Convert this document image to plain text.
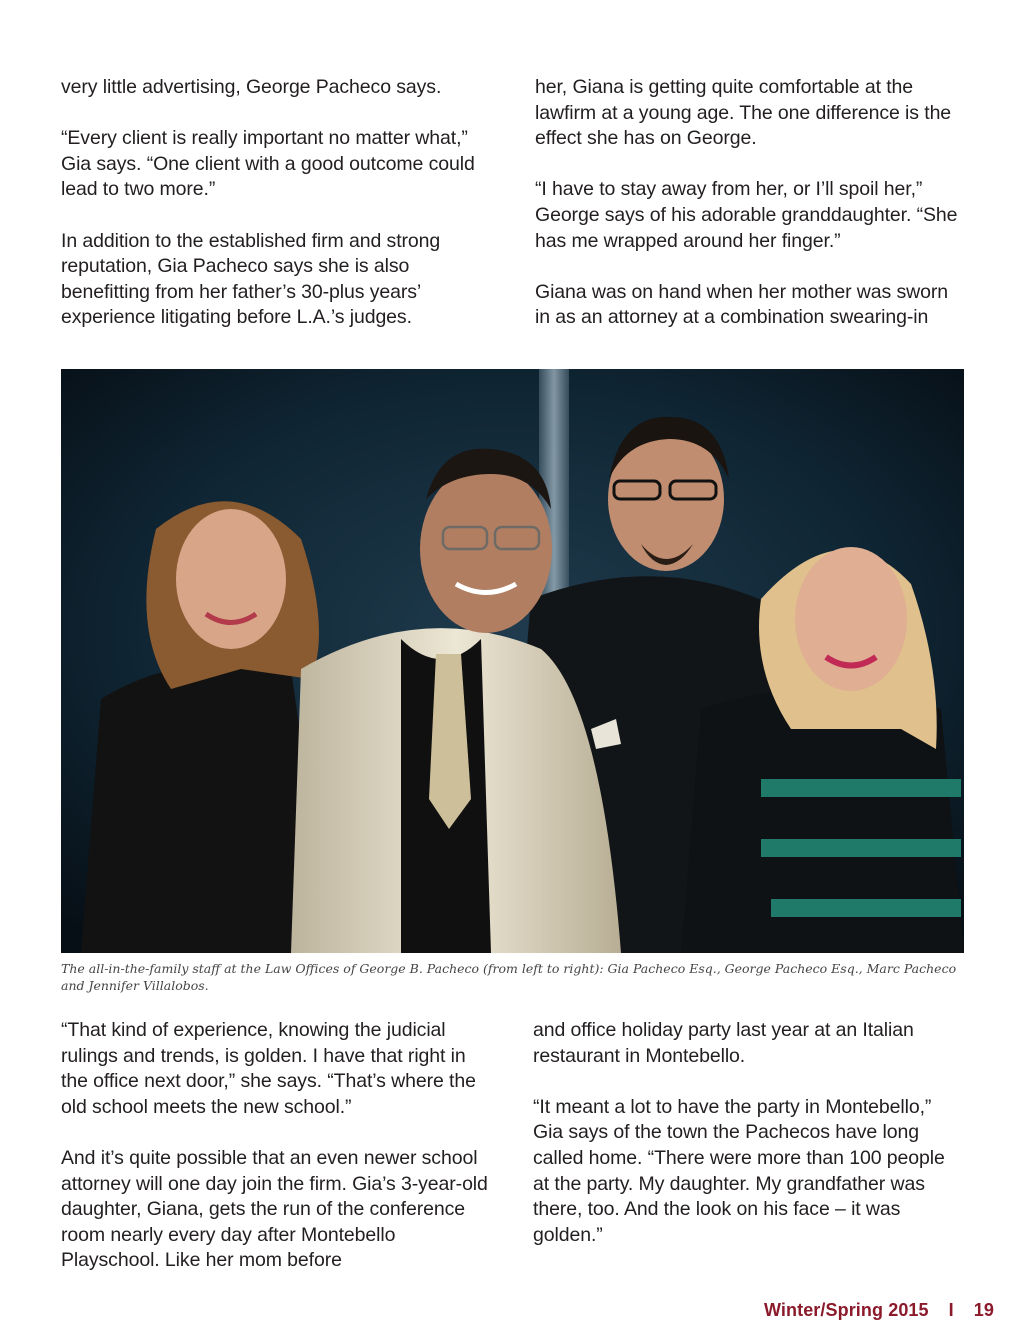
very little advertising, George Pacheco says.

“Every client is really important no matter what,” Gia says. “One client with a good outcome could lead to two more.”

In addition to the established firm and strong reputation, Gia Pacheco says she is also benefitting from her father’s 30-plus years’ experience litigating before L.A.’s judges.

her, Giana is getting quite comfortable at the lawfirm at a young age. The one difference is the effect she has on George.

“I have to stay away from her, or I’ll spoil her,” George says of his adorable granddaughter. “She has me wrapped around her finger.”

Giana was on hand when her mother was sworn in as an attorney at a combination swearing-in

The all-in-the-family staff at the Law Offices of George B. Pacheco (from left to right): Gia Pacheco Esq., George Pacheco Esq., Marc Pacheco and Jennifer Villalobos.

“That kind of experience, knowing the judicial rulings and trends, is golden. I have that right in the office next door,” she says. “That’s where the old school meets the new school.”

And it’s quite possible that an even newer school attorney will one day join the firm. Gia’s 3-year-old daughter, Giana, gets the run of the conference room nearly every day after Montebello Playschool. Like her mom before

and office holiday party last year at an Italian restaurant in Montebello.

“It meant a lot to have the party in Montebello,” Gia says of the town the Pachecos have long called home. “There were more than 100 people at the party. My daughter. My grandfather was there, too. And the look on his face – it was golden.”

Winter/Spring 2015 I 19
